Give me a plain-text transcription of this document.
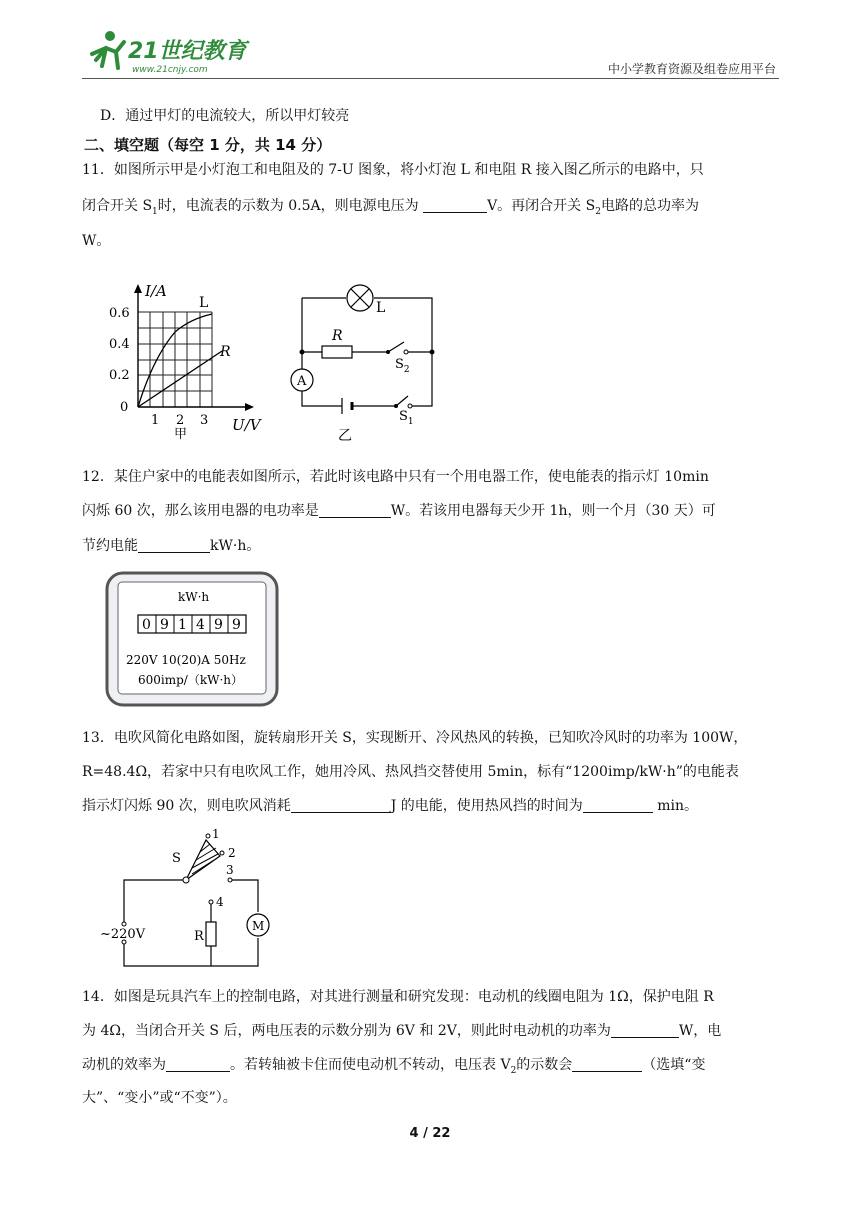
21世纪教育
www.21cnjy.com	中小学教育资源及组卷应用平台
D．通过甲灯的电流较大，所以甲灯较亮
二、填空题（每空 1 分，共 14 分）
11．如图所示甲是小灯泡工和电阻及的 7-U 图象，将小灯泡 L 和电阻 R 接入图乙所示的电路中，只
闭合开关 $S_1$时，电流表的示数为 0.5A，则电源电压为	V。再闭合开关 $S_2$电路的总功率为
W。
I/A
L
R
0.6
0.4
0.2
0
1 2 3
甲
U/V
L
R
$S_2$
A
$S_1$
乙
12．某住户家中的电能表如图所示，若此时该电路中只有一个用电器工作，使电能表的指示灯 10min
闪烁 60 次，那么该用电器的电功率是	W。若该用电器每天少开 1h，则一个月（30 天）可
节约电能	kW·h。
kW·h
0 9 1 4 9 9
220V 10(20)A 50Hz
600imp/（kW·h）
13．电吹风简化电路如图，旋转扇形开关 S，实现断开、冷风热风的转换，已知吹冷风时的功率为 100W，
R=48.4Ω，若家中只有电吹风工作，她用冷风、热风挡交替使用 5min，标有“1200imp/kW·h”的电能表
指示灯闪烁 90 次，则电吹风消耗	J 的电能，使用热风挡的时间为	min。
S
1
2
3
4
~220V	R
M
14．如图是玩具汽车上的控制电路，对其进行测量和研究发现：电动机的线圈电阻为 1Ω，保护电阻 R
为 4Ω，当闭合开关 S 后，两电压表的示数分别为 6V 和 2V，则此时电动机的功率为	W，电
动机的效率为	。若转轴被卡住而使电动机不转动，电压表 $V_2$的示数会	（选填“变
大”、“变小”或“不变”）。
4 / 22
